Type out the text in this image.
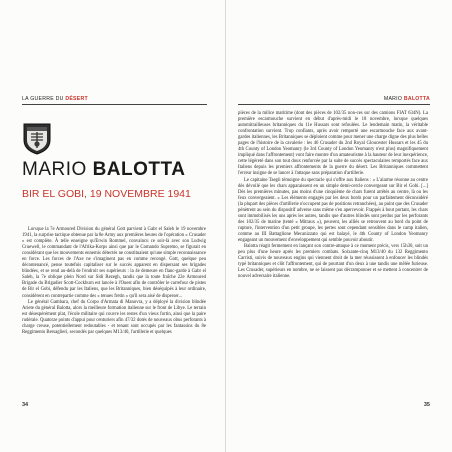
LA GUERRE DU DÉSERT
MARIO BALOTTA
BIR EL GOBI, 19 NOVEMBRE 1941

Lorsque la 7e Armoured Division du général Gott parvient à Gabr el Saleh le 19 novembre 1941, la surprise tactique obtenue par la 8e Army aux premières heures de l'opération « Crusader » est complète. À telle enseigne qu'Erwin Rommel, convaincu ce soir-là avec son Ludwig Cruewell, le commandant de l'Afrika-Korps ainsi que par le Comando Supremo, se figurait en considérant que les mouvements ennemis détectés ne constituaient qu'une simple reconnaissance en force. Les forces de l'Axe ne s'imaginent pas en comme recongé. Gott, quelque peu décontenancé, pense toutefois capitaliser sur le succès apparent en dispersant ses brigades blindées, et se rend au-delà de l'endroit ses supérieurs : la 4e demeure en flanc-garde à Gabr el Saleh, la 7e oblique plein Nord sur Sidi Rezegh, tandis que la toute fraîche 22e Armoured Brigade du Brigadier Scott-Cockburn est lancée à l'Ouest afin de contrôler le carrefour de pistes de Bir el Gobi, défendu par les Italiens, que les Britanniques, bien déséquipés à leur ordinaire, considèrent en contrepartie comme des « tenues fretin » qu'il sera aisé de disperser...

Le général Gambara, chef du Corpo d'Armata di Manovra, y a déployé la division blindée Ariete du général Balotta, alors la meilleure formation italienne sur le front de Libye. Le terrain est désespérément plat, l'école militaire qui couvre les restes d'un vieux fortin, ainsi que la paire rudérale. Quatorze points d'appui pour centuriers afin 47/32 dotés de nouveaux obus perforants à charge creuse, potentiellement redoutables - et tenant sont occupés par les fantassins du 8e Reggimento Bersaglieri, secondés par quelques M13/40, l'artillerie et quelques

34
MARIO BALOTTA

pièces de la milice maritime (dont des pièces de 102/35 non-ces sur des camions FIAT 634N). La première escarmouche survient en début d'après-midi le 18 novembre, lorsque quelques automitrailleuses britanniques du 11e Hussars sont refoulées. Le lendemain matin, la véritable confrontation survient. Trop confiants, après avoir remporté une escarmouche face aux avant-gardes italiennes, les Britanniques se déploient comme pour mener une charge digne des plus belles pages de l'histoire de la cavalerie : les 46 Crusader du 2nd Royal Gloucester Hussars et les 45 du 4th County of London Yeomanry (le 3rd County of London Yeomanry n'est plus) magnifiquement impliqué dans l'affrontement) vont faire montre d'un amateurisme à la hauteur de leur inexpérience, cette légèreté dans son tout doux renforcée par la suite de succès spectaculaires remportés face aux Italiens depuis les premiers affrontements de la guerre du désert. Les Britanniques commettent l'erreur insigne de se lancer à l'attaque sans préparation d'artillerie.

Le capitaine Taegii témoigne du spectacle qui s'offre aux Italiens : « L'alarme résonne au centre dès dévoilé que les chars apparaissent en un simple demi-cercle convergeant sur Bir el Gobi. [...] Dès les premières minutes, pas moins d'une cinquième de chars furent arrêtés au centre, là ou les feux convergeaient. » Les éléments engagés par les deux bords pour un parfaitement déconsidéré (la plupart des pièces d'artillerie n'occupent pas de positions retranchées), au point que des Crusader pénètrent au sein du dispositif adverse sans même s'en apercevoir. Frappés à bout portant, les chars sont immobilisés les uns après les autres, tandis que d'autres blindés sont perdus par les perforants des 102/35 de marine (tenté « Mitraux »), peuvent, les alliés se retrouvent au bord du point de rupture, l'intervention d'un petit groupe, les pertes sont cependant sensibles dans le camp italien, comme au III Battaglione Mecanizzato qui est balayé, le 4th County of London Yeomanry engageant un mouvement d'enveloppement qui semble pouvoir aboutir.

Balotta réagit fermement en lançant son contre-attaque à ce moment précis, vers 15h30, soit un peu plus d'une heure après les premiers combats. Soixante-cinq M13/40 du 132 Reggimento Carristi, suivis de nouveaux engins qui viennent droit de la mer réussissent à enfoncer les blindés typé britanniques et clôt l'affrontement, qui de pourtant d'un deux à une tandis une mêlée furieuse. Les Crusader, supérieurs en nombre, ne se laissent pas décramponner et se mettent à concentrer de nouvel adversaire italienne.

35
